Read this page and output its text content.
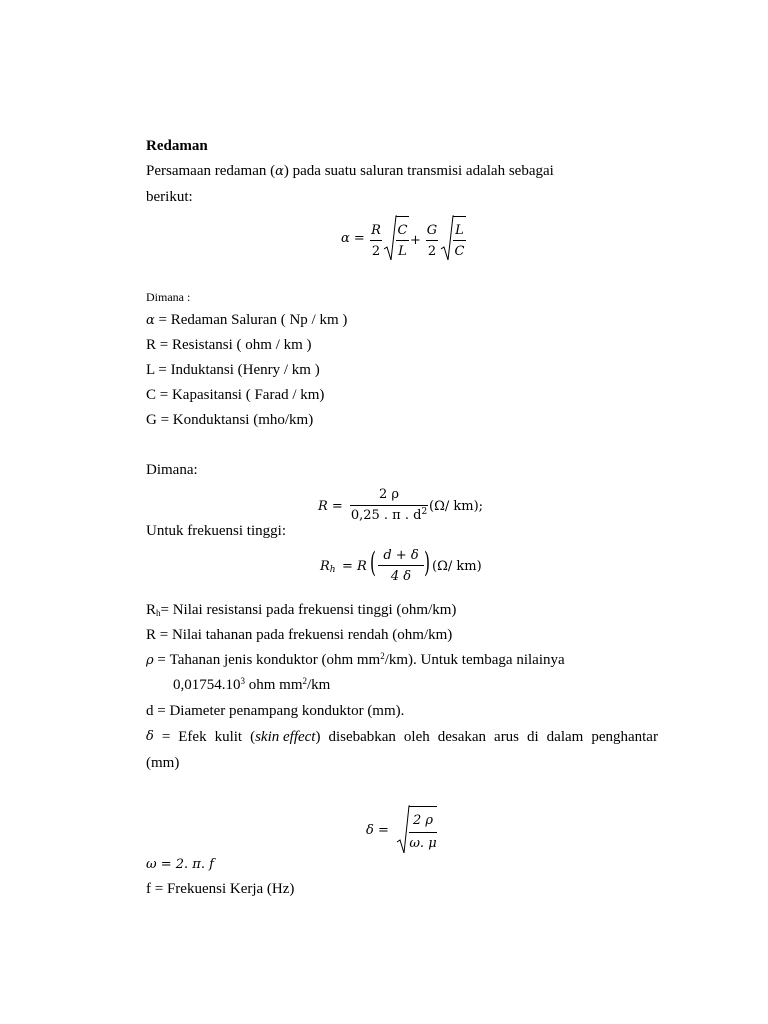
Redaman
Persamaan redaman (α) pada suatu saluran transmisi adalah sebagai
berikut:
α =
R
2
C
L
+
G
2
L
C
Dimana :
α = Redaman Saluran ( Np / km )
R = Resistansi ( ohm / km )
L = Induktansi (Henry / km )
C = Kapasitansi ( Farad / km)
G = Konduktansi (mho/km)
Dimana:
R =
2 ρ
0,25 . π . $d^2$ (Ω/ km);
Untuk frekuensi tinggi:
$R_h = R$ ( d + δ
4 δ ) (Ω/ km)
$R_h=$ Nilai resistansi pada frekuensi tinggi (ohm/km)
R = Nilai tahanan pada frekuensi rendah (ohm/km)
ρ = Tahanan jenis konduktor (ohm $mm^2/km$). Untuk tembaga nilainya
0,01754.10$^3$ ohm $mm^2/km$
d = Diameter penampang konduktor (mm).
δ = Efek kulit (skin effect) disebabkan oleh desakan arus di dalam penghantar
(mm)
δ =
2 ρ
ω. μ
ω = 2. π. f
f = Frekuensi Kerja (Hz)
